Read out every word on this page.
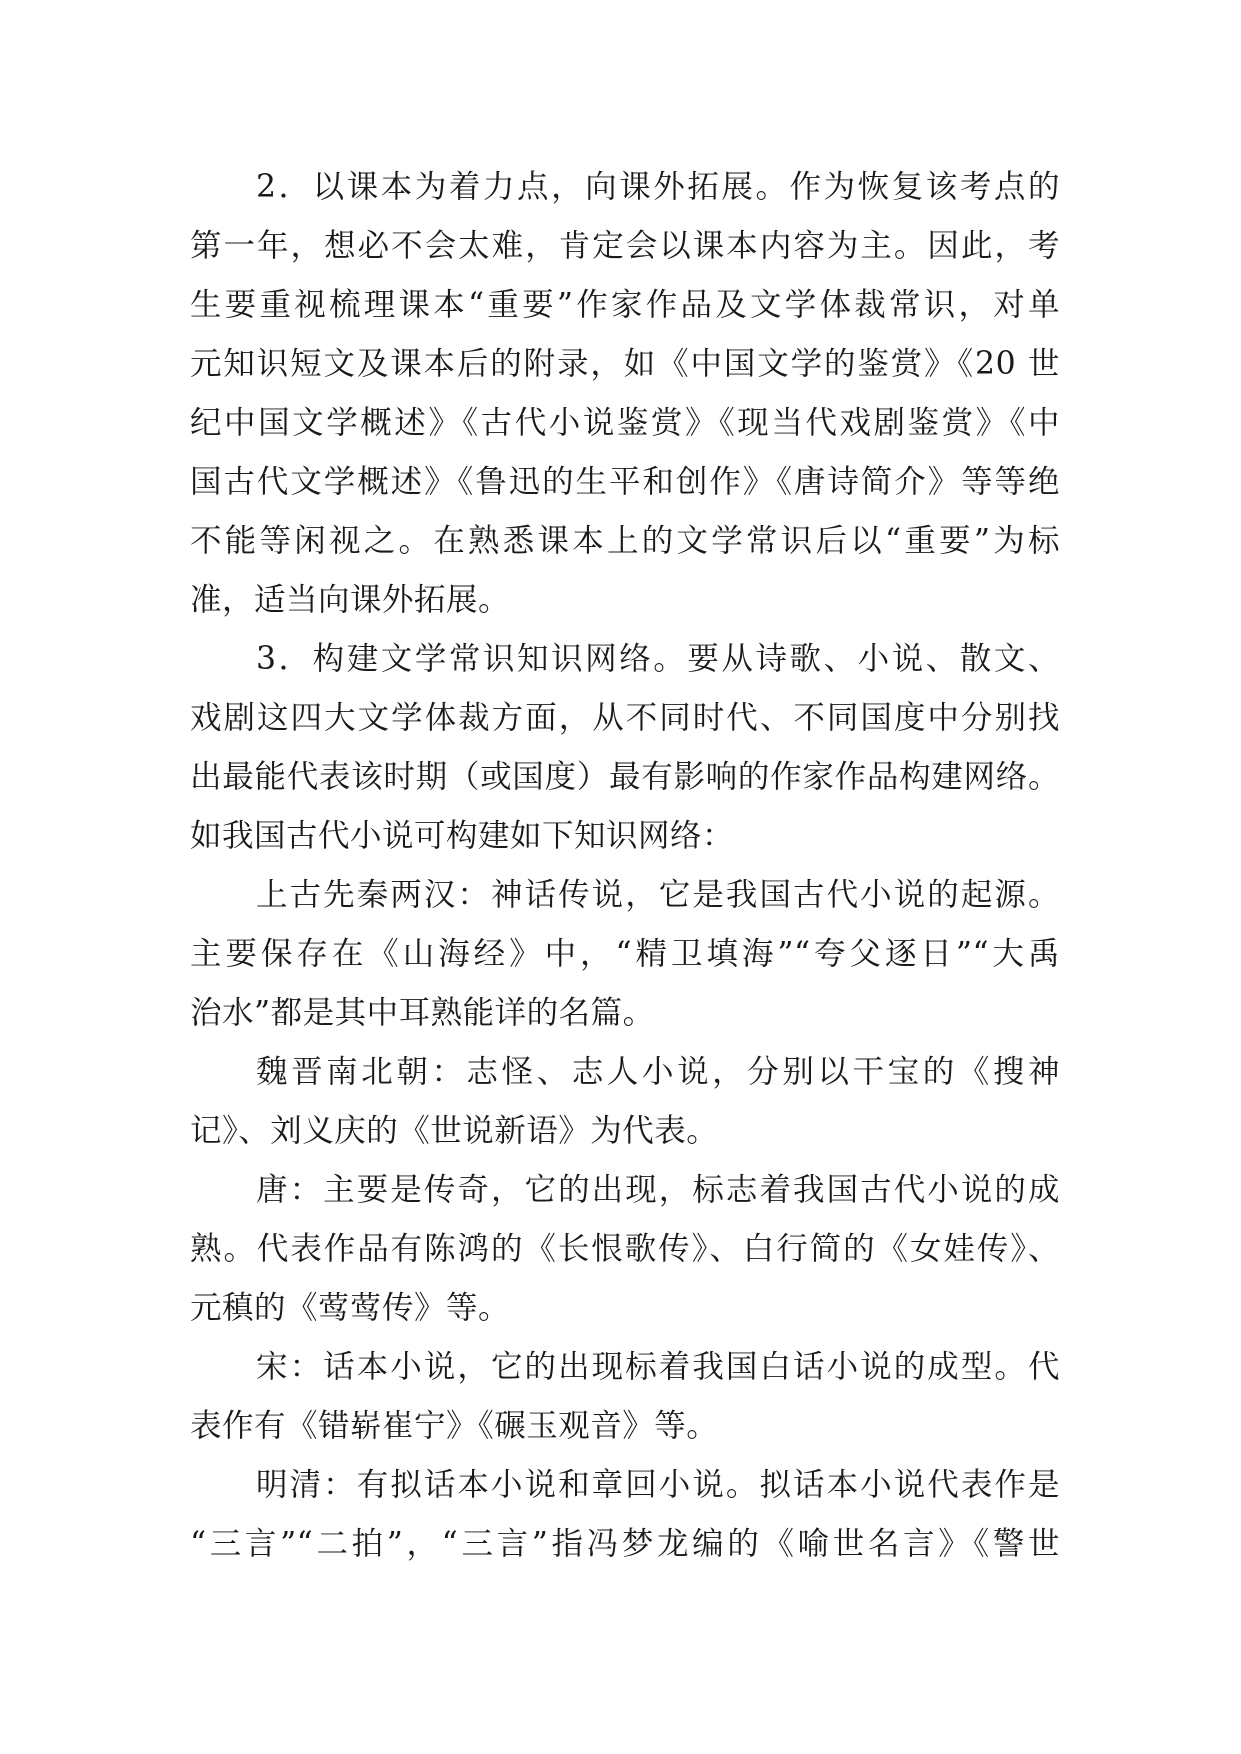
2．以课本为着力点，向课外拓展。作为恢复该考点的
第一年，想必不会太难，肯定会以课本内容为主。因此，考
生要重视梳理课本“重要”作家作品及文学体裁常识，对单
元知识短文及课本后的附录，如《中国文学的鉴赏》《20 世
纪中国文学概述》《古代小说鉴赏》《现当代戏剧鉴赏》《中
国古代文学概述》《鲁迅的生平和创作》《唐诗简介》等等绝
不能等闲视之。在熟悉课本上的文学常识后以“重要”为标
准，适当向课外拓展。
3．构建文学常识知识网络。要从诗歌、小说、散文、
戏剧这四大文学体裁方面，从不同时代、不同国度中分别找
出最能代表该时期（或国度）最有影响的作家作品构建网络。
如我国古代小说可构建如下知识网络：
上古先秦两汉：神话传说，它是我国古代小说的起源。
主要保存在《山海经》中，“精卫填海”“夸父逐日”“大禹
治水”都是其中耳熟能详的名篇。
魏晋南北朝：志怪、志人小说，分别以干宝的《搜神
记》、刘义庆的《世说新语》为代表。
唐：主要是传奇，它的出现，标志着我国古代小说的成
熟。代表作品有陈鸿的《长恨歌传》、白行简的《女娃传》、
元稹的《莺莺传》等。
宋：话本小说，它的出现标着我国白话小说的成型。代
表作有《错崭崔宁》《碾玉观音》等。
明清：有拟话本小说和章回小说。拟话本小说代表作是
“三言”“二拍”，“三言”指冯梦龙编的《喻世名言》《警世
